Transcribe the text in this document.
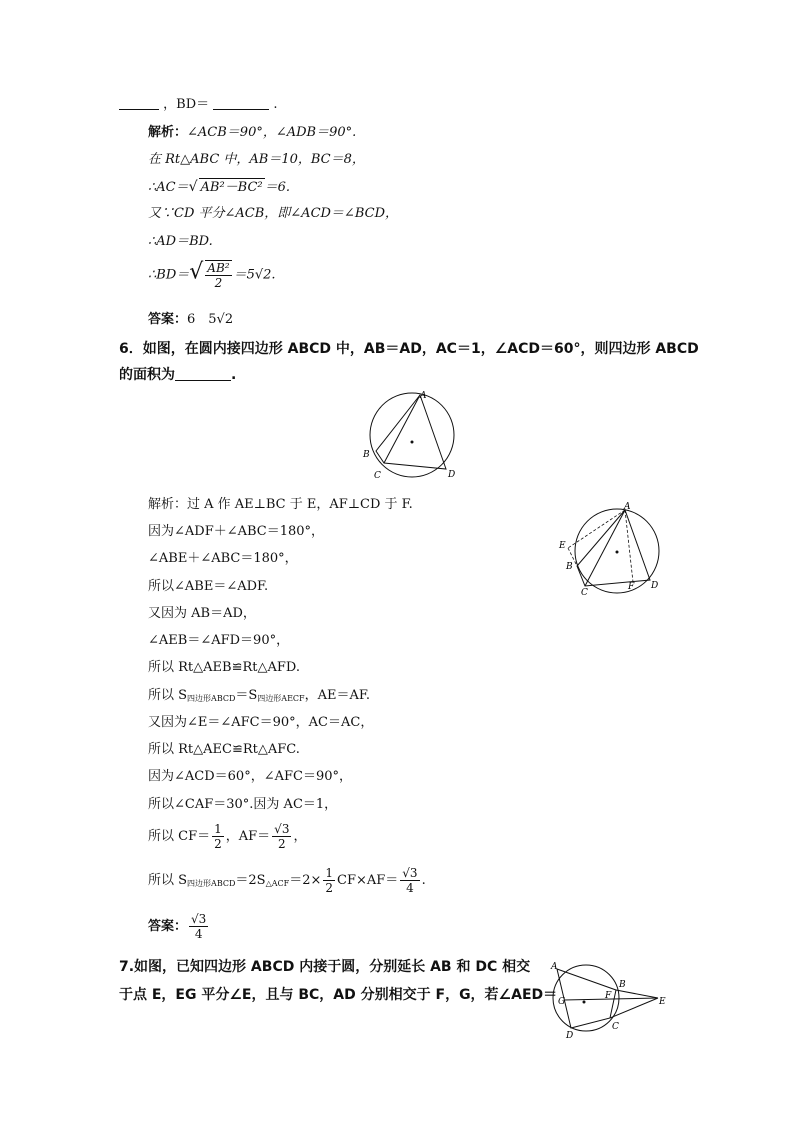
，BD＝	.
解析：∠ACB＝90°，∠ADB＝90°.
在 Rt△ABC 中，AB＝10，BC＝8，
∴AC＝√ AB²－BC² ＝6.
又∵CD 平分∠ACB，即∠ACD＝∠BCD，
∴AD＝BD.
∴BD＝√ $\frac{\text{AB²}}{2} =5√2$.
答案：6　5√2
6．如图，在圆内接四边形 ABCD 中，AB＝AD，AC＝1，∠ACD＝60°，则四边形 ABCD
的面积为	.
A
B
C	D
解析：过 A 作 AE⊥BC 于 E，AF⊥CD 于 F.
因为∠ADF＋∠ABC＝180°，
∠ABE＋∠ABC＝180°，
所以∠ABE＝∠ADF.
又因为 AB＝AD，
∠AEB＝∠AFD＝90°，
所以 Rt△AEB≌Rt△AFD.
所以 $S_{四边形ABCD}=S_{四边形AECF}$，AE＝AF.
又因为∠E＝∠AFC＝90°，AC＝AC，
所以 Rt△AEC≌Rt△AFC.
因为∠ACD＝60°，∠AFC＝90°，
所以∠CAF＝30°.因为 AC＝1，
所以 $CF= \frac{1}{2}$ ，$AF= \frac{√3}{2}$ ，
所以 $S_{四边形ABCD}=2S_{\triangle ACF}=2\times \frac{1}{2} CF\times AF= \frac{√3}{4}$ .
答案： $\frac{√3}{4}$
A
B
C
D
E
F
7.如图，已知四边形 ABCD 内接于圆，分别延长 AB 和 DC 相交
于点 E，EG 平分∠E，且与 BC，AD 分别相交于 F，G，若∠AED＝
A
B
C
D
E
F
G
